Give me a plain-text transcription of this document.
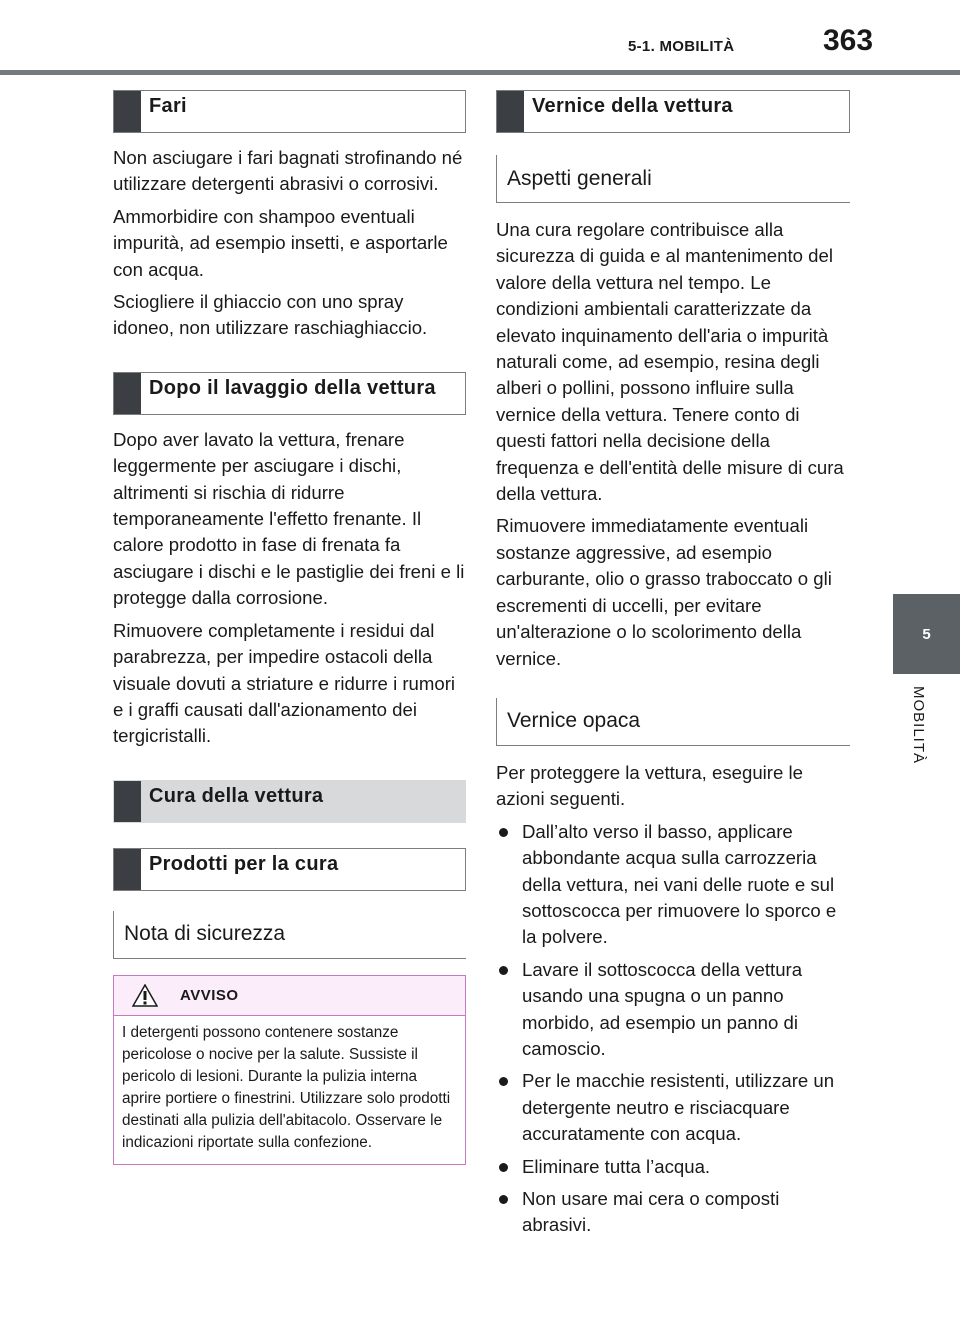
5-1. MOBILITÀ	363
5
MOBILITÀ
Fari

Non asciugare i fari bagnati strofinando né utilizzare detergenti abrasivi o corrosivi.

Ammorbidire con shampoo eventuali impurità, ad esempio insetti, e asportarle con acqua.

Sciogliere il ghiaccio con uno spray idoneo, non utilizzare raschiaghiaccio.

Dopo il lavaggio della vettura

Dopo aver lavato la vettura, frenare leggermente per asciugare i dischi, altrimenti si rischia di ridurre temporaneamente l'effetto frenante. Il calore prodotto in fase di frenata fa asciugare i dischi e le pastiglie dei freni e li protegge dalla corrosione.

Rimuovere completamente i residui dal parabrezza, per impedire ostacoli della visuale dovuti a striature e ridurre i rumori e i graffi causati dall'azionamento dei tergicristalli.

Cura della vettura
Prodotti per la cura
Nota di sicurezza
AVVISO
I detergenti possono contenere sostanze pericolose o nocive per la salute. Sussiste il pericolo di lesioni. Durante la pulizia interna aprire portiere o finestrini. Utilizzare solo prodotti destinati alla pulizia dell'abitacolo. Osservare le indicazioni riportate sulla confezione.
Vernice della vettura
Aspetti generali

Una cura regolare contribuisce alla sicurezza di guida e al mantenimento del valore della vettura nel tempo. Le condizioni ambientali caratterizzate da elevato inquinamento dell'aria o impurità naturali come, ad esempio, resina degli alberi o pollini, possono influire sulla vernice della vettura. Tenere conto di questi fattori nella decisione della frequenza e dell'entità delle misure di cura della vettura.

Rimuovere immediatamente eventuali sostanze aggressive, ad esempio carburante, olio o grasso traboccato o gli escrementi di uccelli, per evitare un'alterazione o lo scolorimento della vernice.

Vernice opaca

Per proteggere la vettura, eseguire le azioni seguenti.

Dall’alto verso il basso, applicare abbondante acqua sulla carrozzeria della vettura, nei vani delle ruote e sul sottoscocca per rimuovere lo sporco e la polvere.
Lavare il sottoscocca della vettura usando una spugna o un panno morbido, ad esempio un panno di camoscio.
Per le macchie resistenti, utilizzare un detergente neutro e risciacquare accuratamente con acqua.
Eliminare tutta l’acqua.
Non usare mai cera o composti abrasivi.
